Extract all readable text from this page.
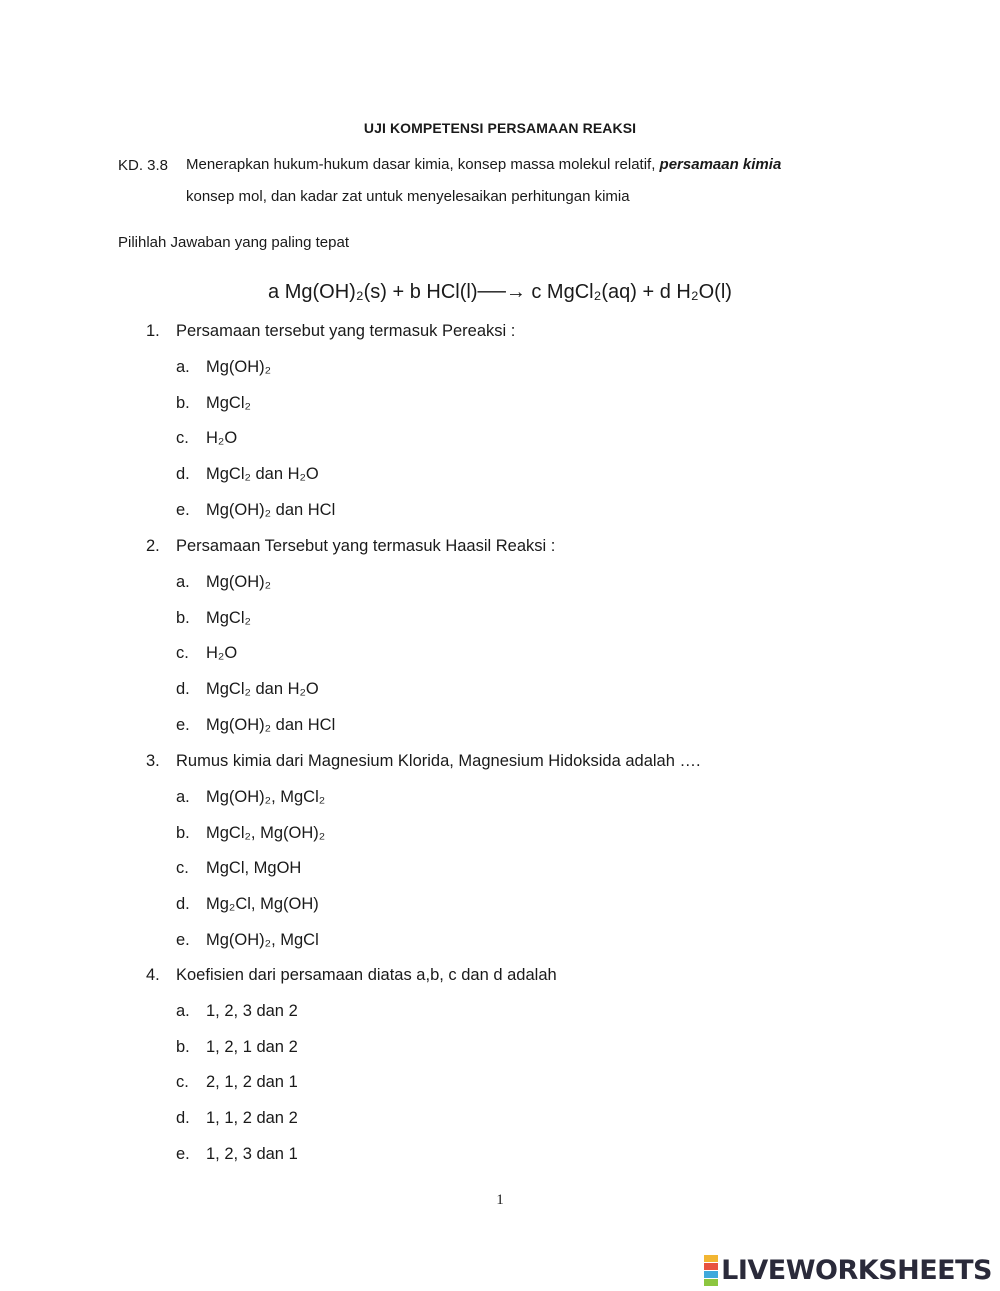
UJI KOMPETENSI PERSAMAAN REAKSI
KD. 3.8 Menerapkan hukum-hukum dasar kimia, konsep massa molekul relatif, persamaan kimia
konsep mol, dan kadar zat untuk menyelesaikan perhitungan kimia
Pilihlah Jawaban yang paling tepat
a Mg(OH)₂(s) + b HCl(l)──→ c MgCl₂(aq) + d H₂O(l)
1. Persamaan tersebut yang termasuk Pereaksi :
a. Mg(OH)₂
b. MgCl₂
c. H₂O
d. MgCl₂ dan H₂O
e. Mg(OH)₂ dan HCl
2. Persamaan Tersebut yang termasuk Haasil Reaksi :
a. Mg(OH)₂
b. MgCl₂
c. H₂O
d. MgCl₂ dan H₂O
e. Mg(OH)₂ dan HCl
3. Rumus kimia dari Magnesium Klorida, Magnesium Hidoksida adalah ….
a. Mg(OH)₂, MgCl₂
b. MgCl₂, Mg(OH)₂
c. MgCl, MgOH
d. Mg₂Cl, Mg(OH)
e. Mg(OH)₂, MgCl
4. Koefisien dari persamaan diatas a,b, c dan d adalah
a. 1, 2, 3 dan 2
b. 1, 2, 1 dan 2
c. 2, 1, 2 dan 1
d. 1, 1, 2 dan 2
e. 1, 2, 3 dan 1
1
LIVEWORKSHEETS
